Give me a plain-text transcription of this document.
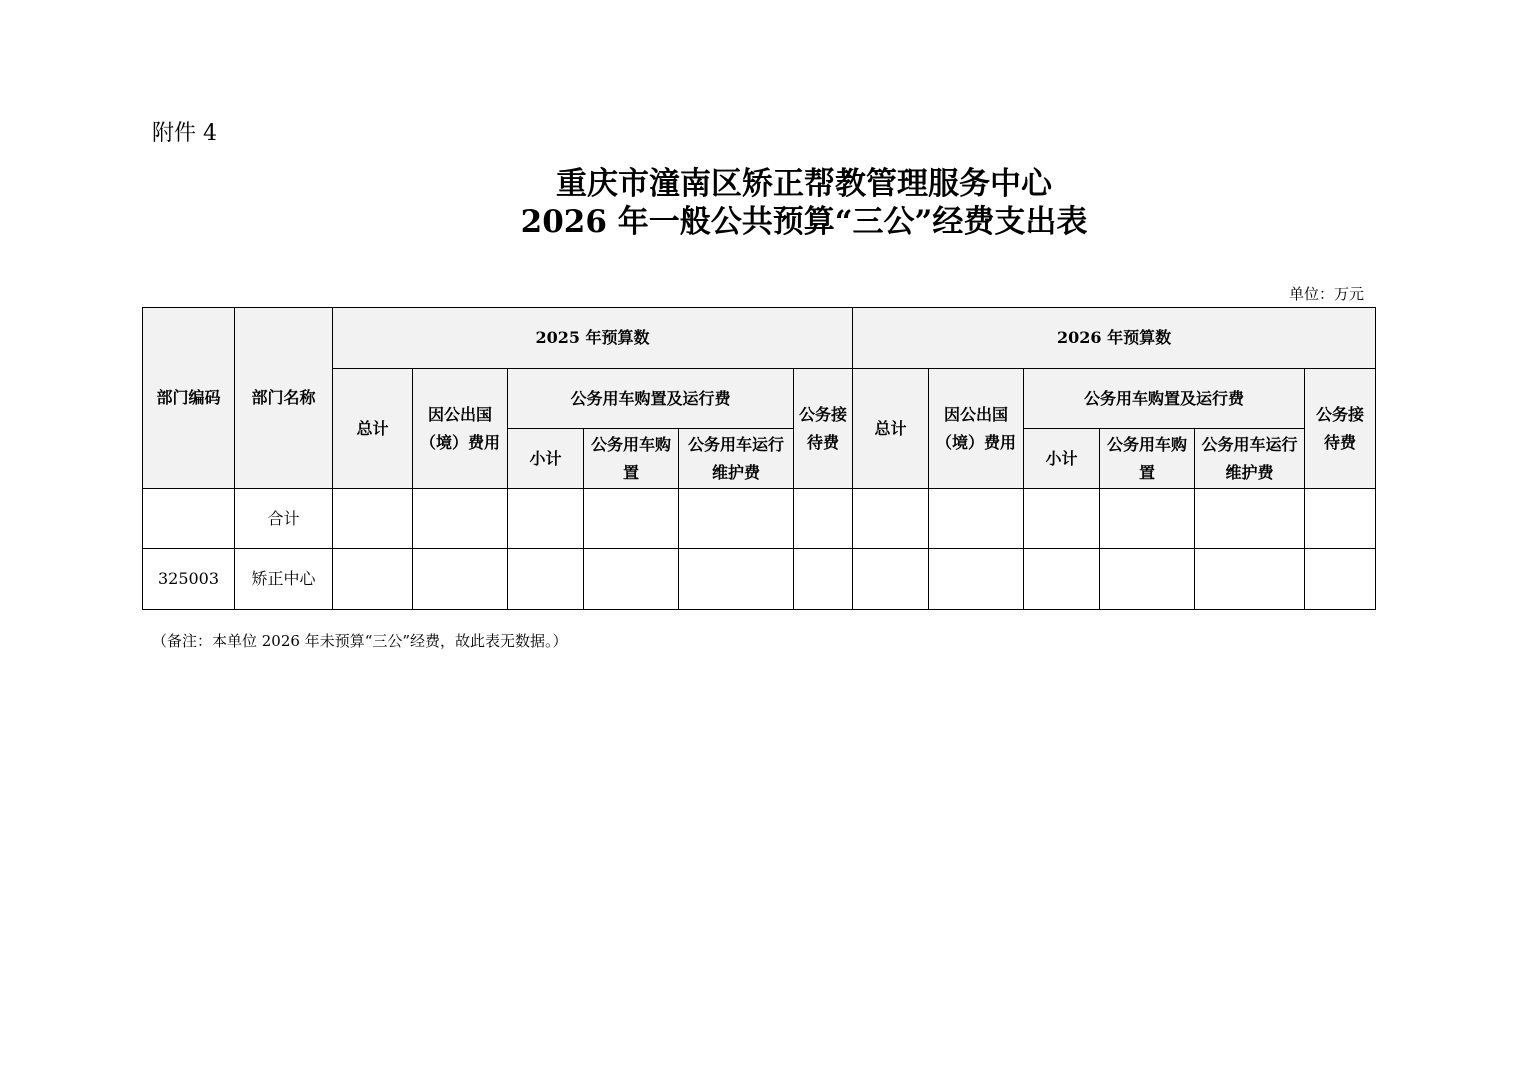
附件 4
重庆市潼南区矫正帮教管理服务中心
2026 年一般公共预算“三公”经费支出表
单位：万元
部门编码	部门名称	2025 年预算数						2026 年预算数					
		总计	因公出国（境）费用	公务用车购置及运行费			公务接待费	总计	因公出国（境）费用	公务用车购置及运行费			公务接待费
				小计	公务用车购置	公务用车运行维护费				小计	公务用车购置	公务用车运行维护费	
	合计												
325003	矫正中心												
（备注：本单位 2026 年未预算“三公”经费，故此表无数据。）
